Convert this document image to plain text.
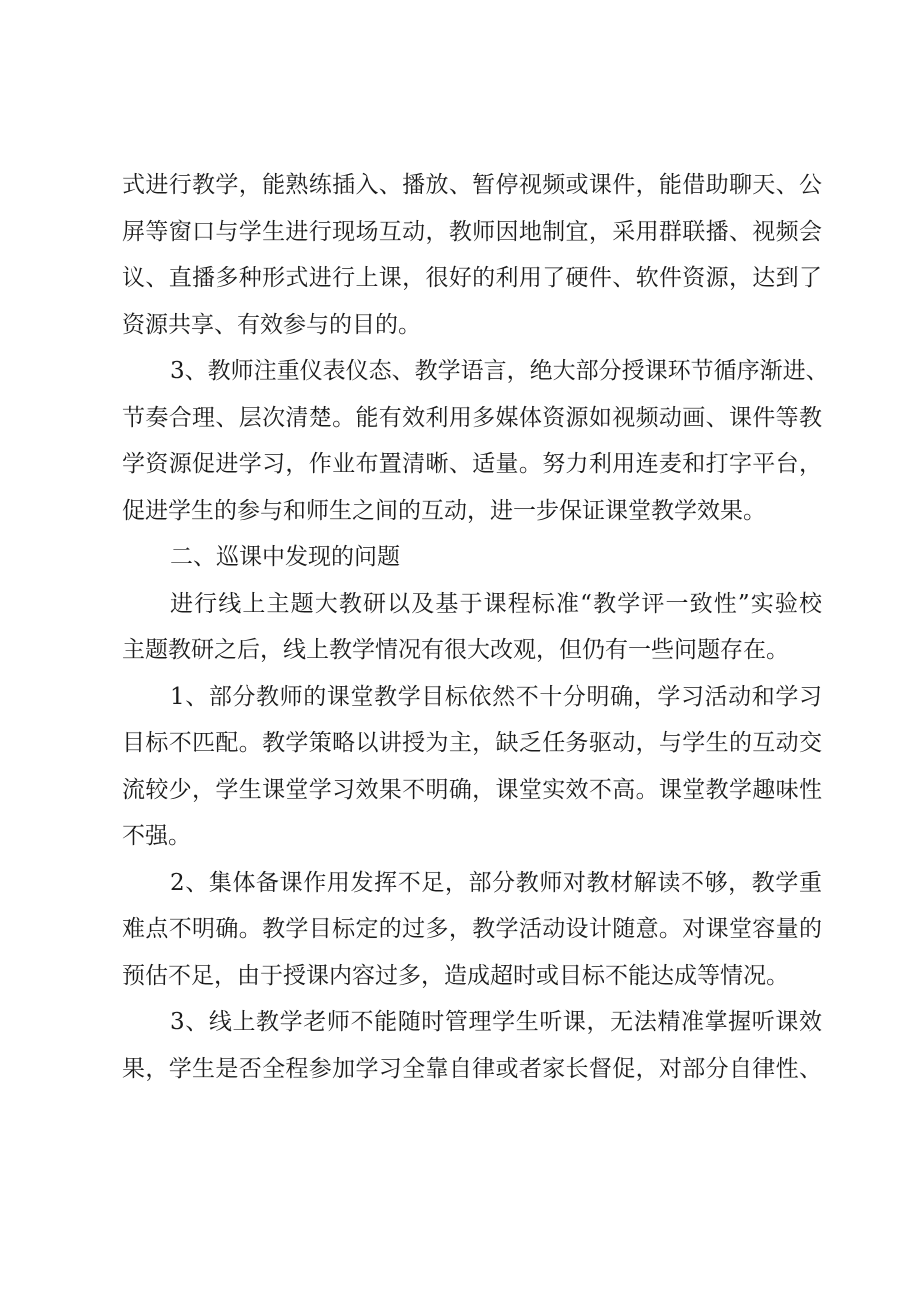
式进行教学，能熟练插入、播放、暂停视频或课件，能借助聊天、公
屏等窗口与学生进行现场互动，教师因地制宜，采用群联播、视频会
议、直播多种形式进行上课，很好的利用了硬件、软件资源，达到了
资源共享、有效参与的目的。
3、教师注重仪表仪态、教学语言，绝大部分授课环节循序渐进、
节奏合理、层次清楚。能有效利用多媒体资源如视频动画、课件等教
学资源促进学习，作业布置清晰、适量。努力利用连麦和打字平台，
促进学生的参与和师生之间的互动，进一步保证课堂教学效果。
二、巡课中发现的问题
进行线上主题大教研以及基于课程标准“教学评一致性”实验校
主题教研之后，线上教学情况有很大改观，但仍有一些问题存在。
1、部分教师的课堂教学目标依然不十分明确，学习活动和学习
目标不匹配。教学策略以讲授为主，缺乏任务驱动，与学生的互动交
流较少，学生课堂学习效果不明确，课堂实效不高。课堂教学趣味性
不强。
2、集体备课作用发挥不足，部分教师对教材解读不够，教学重
难点不明确。教学目标定的过多，教学活动设计随意。对课堂容量的
预估不足，由于授课内容过多，造成超时或目标不能达成等情况。
3、线上教学老师不能随时管理学生听课，无法精准掌握听课效
果，学生是否全程参加学习全靠自律或者家长督促，对部分自律性、
